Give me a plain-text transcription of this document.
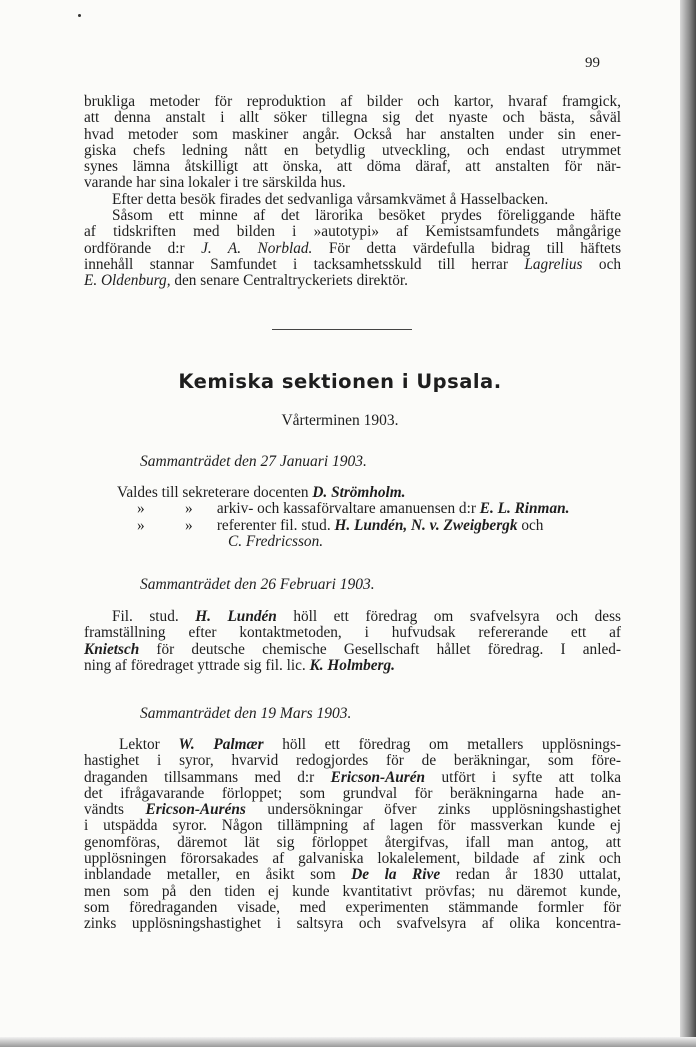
99
brukliga metoder för reproduktion af bilder och kartor, hvaraf framgick,
att denna anstalt i allt söker tillegna sig det nyaste och bästa, såväl
hvad metoder som maskiner angår. Också har anstalten under sin ener-
giska chefs ledning nått en betydlig utveckling, och endast utrymmet
synes lämna åtskilligt att önska, att döma däraf, att anstalten för när-
varande har sina lokaler i tre särskilda hus.
Efter detta besök firades det sedvanliga vårsamkvämet å Hasselbacken.
Såsom ett minne af det lärorika besöket prydes föreliggande häfte
af tidskriften med bilden i »autotypi» af Kemistsamfundets mångårige
ordförande d:r J. A. Norblad. För detta värdefulla bidrag till häftets
innehåll stannar Samfundet i tacksamhetsskuld till herrar Lagrelius och
E. Oldenburg, den senare Centraltryckeriets direktör.
Kemiska sektionen i Upsala.
Vårterminen 1903.
Sammanträdet den 27 Januari 1903.
Valdes till sekreterare docenten D. Strömholm.
»	» arkiv- och kassaförvaltare amanuensen d:r E. L. Rinman.
»	» referenter fil. stud. H. Lundén, N. v. Zweigbergk och
C. Fredricsson.
Sammanträdet den 26 Februari 1903.
Fil. stud. H. Lundén höll ett föredrag om svafvelsyra och dess
framställning efter kontaktmetoden, i hufvudsak refererande ett af
Knietsch för deutsche chemische Gesellschaft hållet föredrag. I anled-
ning af föredraget yttrade sig fil. lic. K. Holmberg.
Sammanträdet den 19 Mars 1903.
Lektor W. Palmær höll ett föredrag om metallers upplösnings-
hastighet i syror, hvarvid redogjordes för de beräkningar, som före-
draganden tillsammans med d:r Ericson-Aurén utfört i syfte att tolka
det ifrågavarande förloppet; som grundval för beräkningarna hade an-
vändts Ericson-Auréns undersökningar öfver zinks upplösningshastighet
i utspädda syror. Någon tillämpning af lagen för massverkan kunde ej
genomföras, däremot lät sig förloppet återgifvas, ifall man antog, att
upplösningen förorsakades af galvaniska lokalelement, bildade af zink och
inblandade metaller, en åsikt som De la Rive redan år 1830 uttalat,
men som på den tiden ej kunde kvantitativt prövfas; nu däremot kunde,
som föredraganden visade, med experimenten stämmande formler för
zinks upplösningshastighet i saltsyra och svafvelsyra af olika koncentra-
